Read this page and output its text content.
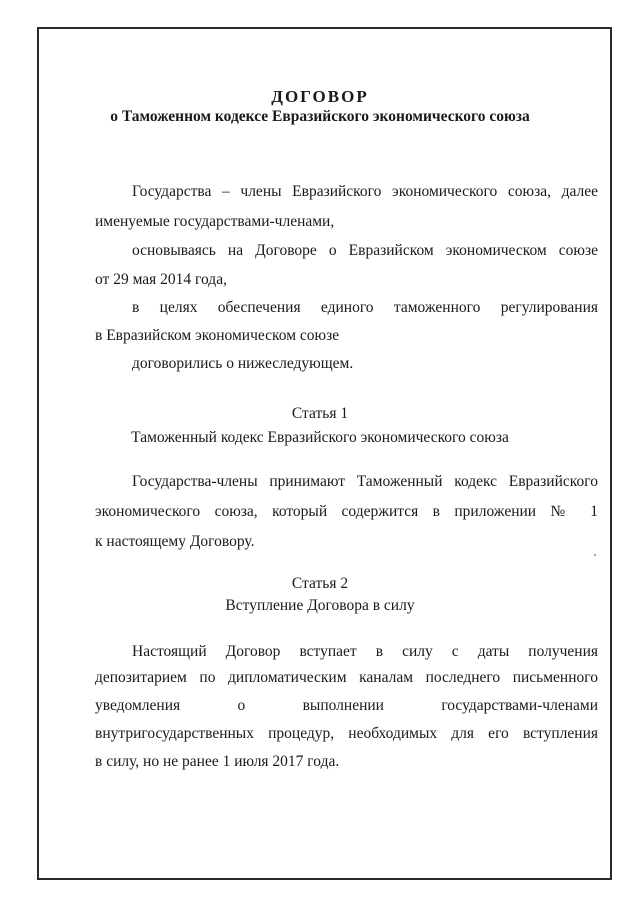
ДОГОВОР
о Таможенном кодексе Евразийского экономического союза
Государства – члены Евразийского экономического союза, далее
именуемые государствами-членами,
основываясь на Договоре о Евразийском экономическом союзе
от 29 мая 2014 года,
в целях обеспечения единого таможенного регулирования
в Евразийском экономическом союзе
договорились о нижеследующем.
Статья 1
Таможенный кодекс Евразийского экономического союза
Государства-члены принимают Таможенный кодекс Евразийского
экономического союза, который содержится в приложении № 1
к настоящему Договору.
Статья 2
Вступление Договора в силу
Настоящий Договор вступает в силу с даты получения
депозитарием по дипломатическим каналам последнего письменного
уведомления о выполнении государствами-членами
внутригосударственных процедур, необходимых для его вступления
в силу, но не ранее 1 июля 2017 года.
